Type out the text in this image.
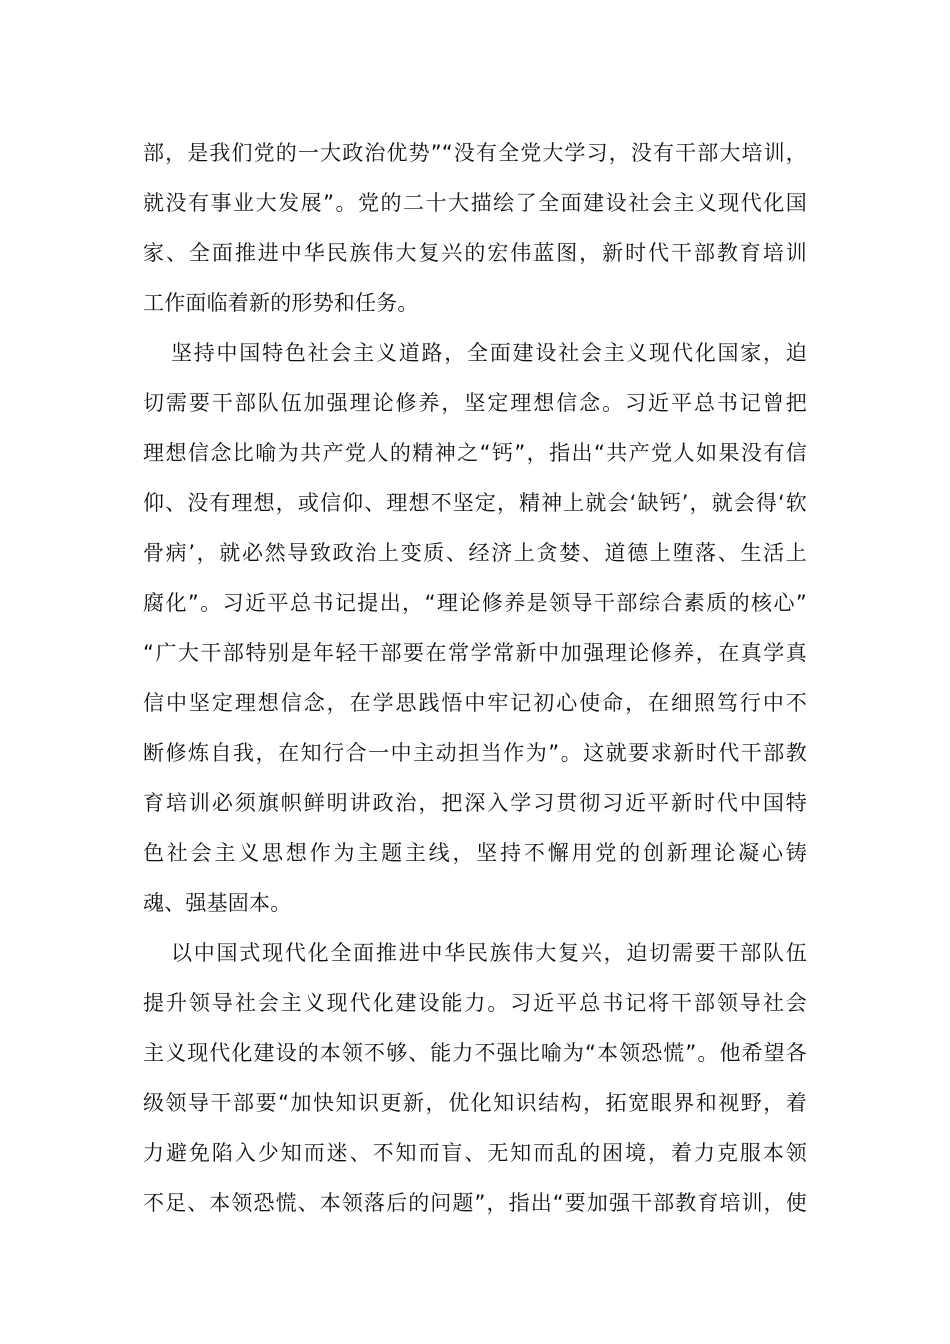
部，是我们党的一大政治优势”“没有全党大学习，没有干部大培训，
就没有事业大发展”。党的二十大描绘了全面建设社会主义现代化国
家、全面推进中华民族伟大复兴的宏伟蓝图，新时代干部教育培训
工作面临着新的形势和任务。
坚持中国特色社会主义道路，全面建设社会主义现代化国家，迫
切需要干部队伍加强理论修养，坚定理想信念。习近平总书记曾把
理想信念比喻为共产党人的精神之“钙”，指出“共产党人如果没有信
仰、没有理想，或信仰、理想不坚定，精神上就会‘缺钙’，就会得‘软
骨病’，就必然导致政治上变质、经济上贪婪、道德上堕落、生活上
腐化”。习近平总书记提出，“理论修养是领导干部综合素质的核心”
“广大干部特别是年轻干部要在常学常新中加强理论修养，在真学真
信中坚定理想信念，在学思践悟中牢记初心使命，在细照笃行中不
断修炼自我，在知行合一中主动担当作为”。这就要求新时代干部教
育培训必须旗帜鲜明讲政治，把深入学习贯彻习近平新时代中国特
色社会主义思想作为主题主线，坚持不懈用党的创新理论凝心铸
魂、强基固本。
以中国式现代化全面推进中华民族伟大复兴，迫切需要干部队伍
提升领导社会主义现代化建设能力。习近平总书记将干部领导社会
主义现代化建设的本领不够、能力不强比喻为“本领恐慌”。他希望各
级领导干部要“加快知识更新，优化知识结构，拓宽眼界和视野，着
力避免陷入少知而迷、不知而盲、无知而乱的困境，着力克服本领
不足、本领恐慌、本领落后的问题”，指出“要加强干部教育培训，使
